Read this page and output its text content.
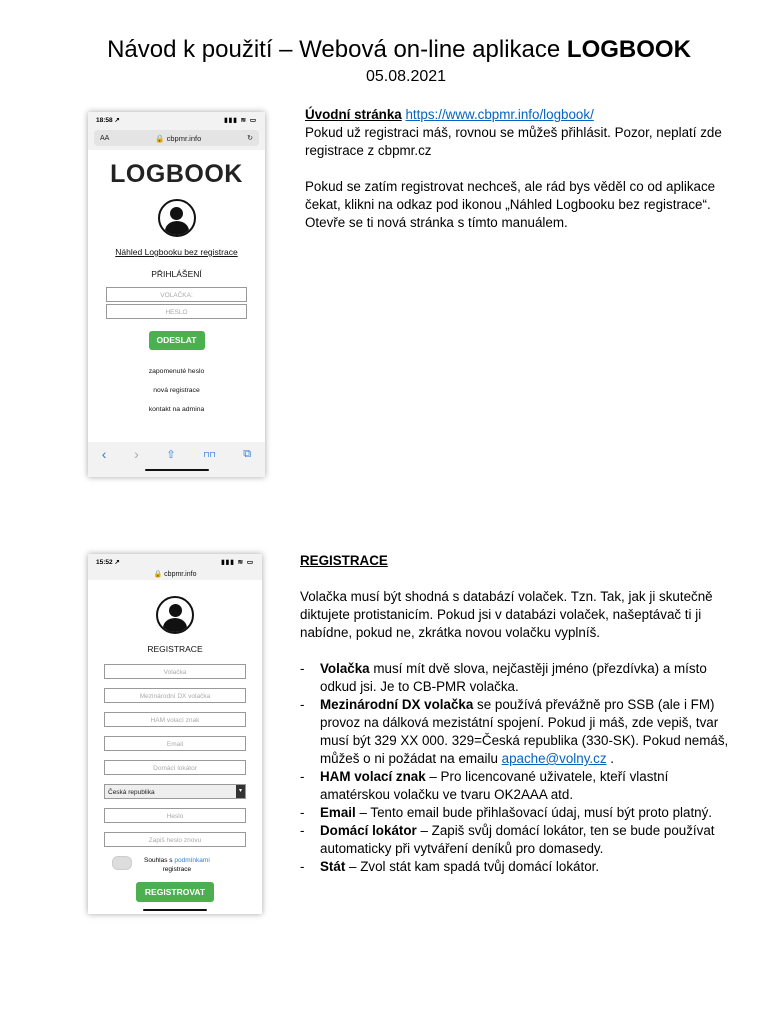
Návod k použití – Webová on-line aplikace LOGBOOK
05.08.2021
18:58 ↗	▮▮▮ ≋ ▭
AA	🔒 cbpmr.info	↻
LOGBOOK
Náhled Logbooku bez registrace
PŘIHLÁŠENÍ
VOLAČKA:
HESLO
ODESLAT
zapomenuté heslo
nová registrace
kontakt na admina
‹ ›	⇧	⊓⊓	⧉

Úvodní stránka https://www.cbpmr.info/logbook/

Pokud už registraci máš, rovnou se můžeš přihlásit. Pozor, neplatí zde registrace z cbpmr.cz

Pokud se zatím registrovat nechceš, ale rád bys věděl co od aplikace čekat, klikni na odkaz pod ikonou „Náhled Logbooku bez registrace“. Otevře se ti nová stránka s tímto manuálem.

15:52 ↗	▮▮▮ ≋ ▭
🔒 cbpmr.info
REGISTRACE
Volačka
Mezinárodní DX volačka
HAM volací znak
Email
Domácí lokátor
Česká republika	▾
Heslo
Zapiš heslo znovu
Souhlas s podmínkami
registrace
REGISTROVAT

REGISTRACE

Volačka musí být shodná s databází volaček. Tzn. Tak, jak ji skutečně diktujete protistanicím. Pokud jsi v databázi volaček, našeptávač ti ji nabídne, pokud ne, zkrátka novou volačku vyplníš.

-	Volačka musí mít dvě slova, nejčastěji jméno (přezdívka) a místo odkud jsi. Je to CB-PMR volačka.
-	Mezinárodní DX volačka se používá převážně pro SSB (ale i FM) provoz na dálková mezistátní spojení. Pokud ji máš, zde vepiš, tvar musí být 329 XX 000. 329=Česká republika (330-SK). Pokud nemáš, můžeš o ni požádat na emailu apache@volny.cz .
-	HAM volací znak – Pro licencované uživatele, kteří vlastní amatérskou volačku ve tvaru OK2AAA atd.
-	Email – Tento email bude přihlašovací údaj, musí být proto platný.
-	Domácí lokátor – Zapiš svůj domácí lokátor, ten se bude používat automaticky při vytváření deníků pro domasedy.
-	Stát – Zvol stát kam spadá tvůj domácí lokátor.
